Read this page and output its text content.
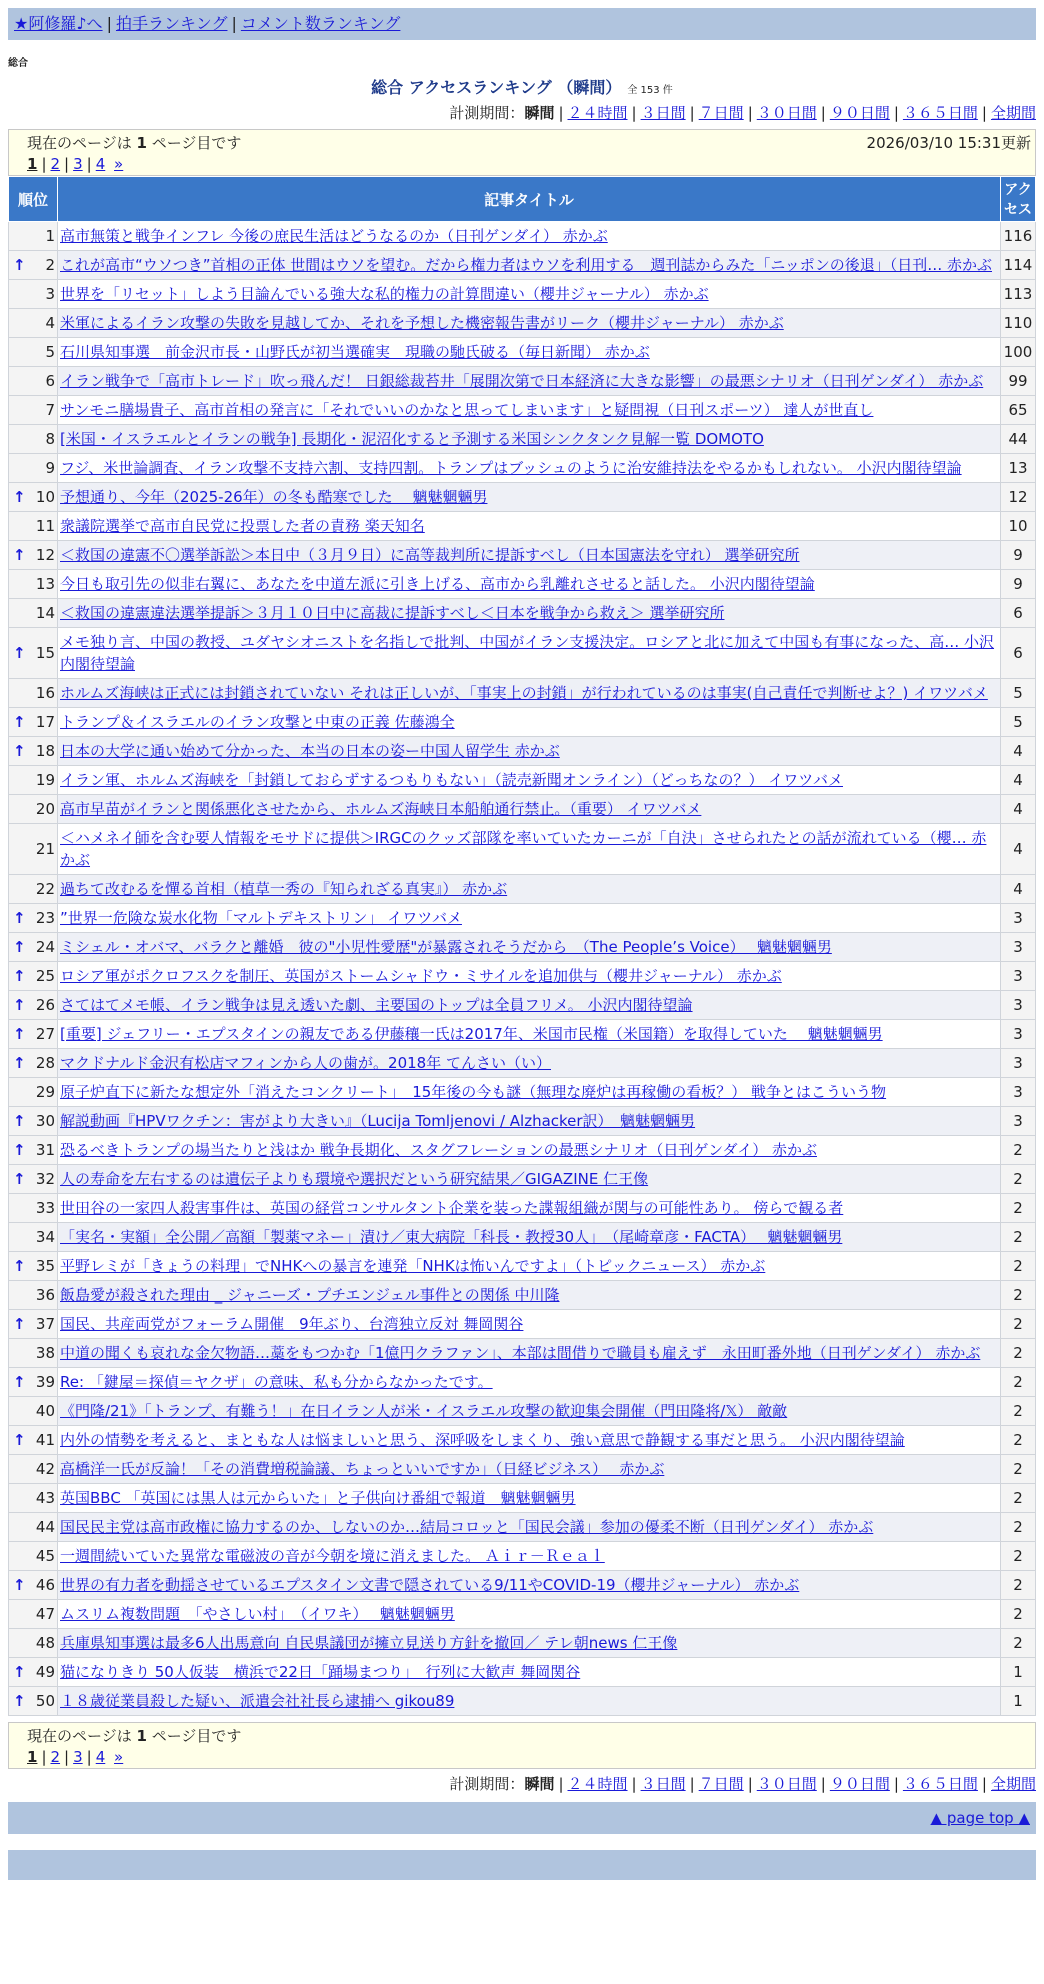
★阿修羅♪へ | 拍手ランキング | コメント数ランキング
総合
総合 アクセスランキング （瞬間） 全 153 件
計測期間：瞬間 | ２４時間 | ３日間 | ７日間 | ３０日間 | ９０日間 | ３６５日間 | 全期間
現在のページは 1 ページ目です	2026/03/10 15:31更新
1 | 2 | 3 | 4 »
順位	記事タイトル	アクセス
1	高市無策と戦争インフレ 今後の庶民生活はどうなるのか（日刊ゲンダイ） 赤かぶ	116

↑ 2	これが高市“ウソつき”首相の正体 世間はウソを望む。だから権力者はウソを利用する　週刊誌からみた「ニッポンの後退」（日刊… 赤かぶ	114
3	世界を「リセット」しよう目論んでいる強大な私的権力の計算間違い（櫻井ジャーナル） 赤かぶ	113
4	米軍によるイラン攻撃の失敗を見越してか、それを予想した機密報告書がリーク（櫻井ジャーナル） 赤かぶ	110
5	石川県知事選　前金沢市長・山野氏が初当選確実　現職の馳氏破る（毎日新聞） 赤かぶ	100
6	イラン戦争で「高市トレード」吹っ飛んだ！ 日銀総裁苔井「展開次第で日本経済に大きな影響」の最悪シナリオ（日刊ゲンダイ） 赤かぶ	99
7	サンモニ膳場貴子、高市首相の発言に「それでいいのかなと思ってしまいます」と疑問視（日刊スポーツ） 達人が世直し	65
8	[米国・イスラエルとイランの戦争] 長期化・泥沼化すると予測する米国シンクタンク見解一覧 DOMOTO	44
9	フジ、米世論調査、イラン攻撃不支持六割、支持四割。トランプはブッシュのように治安維持法をやるかもしれない。 小沢内閣待望論	13

↑ 10	予想通り、今年（2025-26年）の冬も酷寒でした　 魑魅魍魎男	12
11	衆議院選挙で高市自民党に投票した者の責務 楽天知名	10

↑ 12	＜救国の違憲不〇選挙訴訟＞本日中（３月９日）に高等裁判所に提訴すべし（日本国憲法を守れ） 選挙研究所	9
13	今日も取引先の似非右翼に、あなたを中道左派に引き上げる、高市から乳離れさせると話した。 小沢内閣待望論	9
14	＜救国の違憲違法選挙提訴＞３月１０日中に高裁に提訴すべし＜日本を戦争から救え＞ 選挙研究所	6

↑ 15	メモ独り言、中国の教授、ユダヤシオニストを名指しで批判、中国がイラン支援決定。ロシアと北に加えて中国も有事になった、高… 小沢内閣待望論	6
16	ホルムズ海峡は正式には封鎖されていない それは正しいが、「事実上の封鎖」が行われているのは事実(自己責任で判断せよ？) イワツバメ	5

↑ 17	トランプ＆イスラエルのイラン攻撃と中東の正義 佐藤鴻全	5

↑ 18	日本の大学に通い始めて分かった、本当の日本の姿ー中国人留学生 赤かぶ	4
19	イラン軍、ホルムズ海峡を「封鎖しておらずするつもりもない」（読売新聞オンライン）（どっちなの？） イワツバメ	4
20	高市早苗がイランと関係悪化させたから、ホルムズ海峡日本船舶通行禁止。（重要） イワツバメ	4
21	＜ハメネイ師を含む要人情報をモサドに提供＞IRGCのクッズ部隊を率いていたカーニが「自決」させられたとの話が流れている（櫻… 赤かぶ	4
22	過ちて改むるを憚る首相（植草一秀の『知られざる真実』） 赤かぶ	4

↑ 23	”世界一危険な炭水化物「マルトデキストリン」 イワツバメ	3

↑ 24	ミシェル・オバマ、バラクと離婚　彼の"小児性愛歴"が暴露されそうだから　（The People’s Voice）　 魑魅魍魎男	3

↑ 25	ロシア軍がポクロフスクを制圧、英国がストームシャドウ・ミサイルを追加供与（櫻井ジャーナル） 赤かぶ	3

↑ 26	さてはてメモ帳、イラン戦争は見え透いた劇、主要国のトップは全員フリメ。 小沢内閣待望論	3

↑ 27	[重要] ジェフリー・エプスタインの親友である伊藤穰一氏は2017年、米国市民権（米国籍）を取得していた　 魑魅魍魎男	3

↑ 28	マクドナルド金沢有松店マフィンから人の歯が。2018年 てんさい（い）	3
29	原子炉直下に新たな想定外「消えたコンクリート」　15年後の今も謎（無理な廃炉は再稼働の看板？） 戦争とはこういう物	3

↑ 30	解説動画『HPVワクチン：害がより大きい』（Lucija Tomljenovi / Alzhacker訳）　魑魅魍魎男	3

↑ 31	恐るべきトランプの場当たりと浅はか 戦争長期化、スタグフレーションの最悪シナリオ（日刊ゲンダイ） 赤かぶ	2

↑ 32	人の寿命を左右するのは遺伝子よりも環境や選択だという研究結果／GIGAZINE 仁王像	2
33	世田谷の一家四人殺害事件は、英国の経営コンサルタント企業を装った諜報組織が関与の可能性あり。 傍らで観る者	2
34	「実名・実額」全公開／高額「製薬マネー」漬け／東大病院「科長・教授30人」　（尾崎章彦・FACTA）　 魑魅魍魎男	2

↑ 35	平野レミが「きょうの料理」でNHKへの暴言を連発「NHKは怖いんですよ」（トピックニュース） 赤かぶ	2
36	飯島愛が殺された理由 _ ジャニーズ・プチエンジェル事件との関係 中川隆	2

↑ 37	国民、共産両党がフォーラム開催　9年ぶり、台湾独立反対 舞岡関谷	2
38	中道の聞くも哀れな金欠物語…藁をもつかむ「1億円クラファン」、本部は間借りで職員も雇えず　永田町番外地（日刊ゲンダイ） 赤かぶ	2

↑ 39	Re: 「鍵屋＝探偵＝ヤクザ」の意味、私も分からなかったです。	2
40	《門隆/21》「トランプ、有難う！」在日イラン人が米・イスラエル攻撃の歓迎集会開催（門田隆将/𝕏） 敵敵	2

↑ 41	内外の情勢を考えると、まともな人は悩ましいと思う、深呼吸をしまくり、強い意思で静観する事だと思う。 小沢内閣待望論	2
42	高橋洋一氏が反論！「その消費増税論議、ちょっといいですか」（日経ビジネス）　 赤かぶ	2
43	英国BBC 「英国には黒人は元からいた」と子供向け番組で報道　魑魅魍魎男	2
44	国民民主党は高市政権に協力するのか、しないのか…結局コロッと「国民会議」参加の優柔不断（日刊ゲンダイ） 赤かぶ	2
45	一週間続いていた異常な電磁波の音が今朝を境に消えました。 Ａｉｒ－Ｒｅａｌ	2

↑ 46	世界の有力者を動揺させているエプスタイン文書で隠されている9/11やCOVID-19（櫻井ジャーナル） 赤かぶ	2
47	ムスリム複数問題　「やさしい村」　（イワキ）　 魑魅魍魎男	2
48	兵庫県知事選は最多6人出馬意向 自民県議団が擁立見送り方針を撤回／ テレ朝news 仁王像	2

↑ 49	猫になりきり 50人仮装　横浜で22日「踊場まつり」　行列に大歓声 舞岡関谷	1

↑ 50	１８歳従業員殺した疑い、派遣会社社長ら逮捕へ gikou89	1
現在のページは 1 ページ目です
1 | 2 | 3 | 4 »
計測期間：瞬間 | ２４時間 | ３日間 | ７日間 | ３０日間 | ９０日間 | ３６５日間 | 全期間
▲ page top ▲
